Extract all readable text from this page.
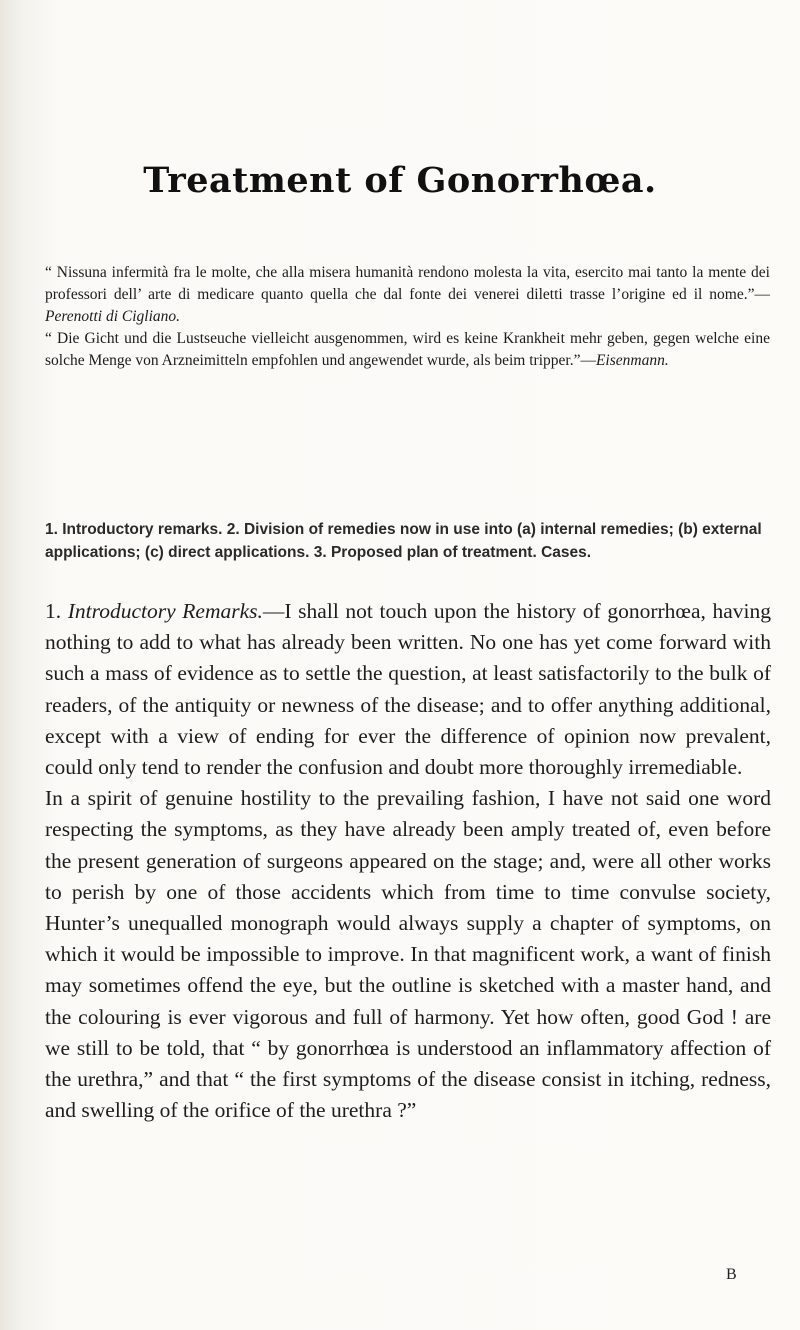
Treatment of Gonorrhœa.

“ Nissuna infermità fra le molte, che alla misera humanità rendono molesta la vita, esercito mai tanto la mente dei professori dell’ arte di medicare quanto quella che dal fonte dei venerei diletti trasse l’origine ed il nome.”—Perenotti di Cigliano.

“ Die Gicht und die Lustseuche vielleicht ausgenommen, wird es keine Krankheit mehr geben, gegen welche eine solche Menge von Arzneimitteln empfohlen und angewendet wurde, als beim tripper.”—Eisenmann.

1. Introductory remarks. 2. Division of remedies now in use into (a) internal remedies; (b) external applications; (c) direct applications. 3. Proposed plan of treatment. Cases.

1. Introductory Remarks.—I shall not touch upon the history of gonorrhœa, having nothing to add to what has already been written. No one has yet come forward with such a mass of evidence as to settle the question, at least satisfactorily to the bulk of readers, of the antiquity or newness of the disease; and to offer anything additional, except with a view of ending for ever the difference of opinion now prevalent, could only tend to render the confusion and doubt more thoroughly irremediable.

In a spirit of genuine hostility to the prevailing fashion, I have not said one word respecting the symptoms, as they have already been amply treated of, even before the present generation of surgeons appeared on the stage; and, were all other works to perish by one of those accidents which from time to time convulse society, Hunter’s unequalled monograph would always supply a chapter of symptoms, on which it would be impossible to improve. In that magnificent work, a want of finish may sometimes offend the eye, but the outline is sketched with a master hand, and the colouring is ever vigorous and full of harmony. Yet how often, good God ! are we still to be told, that “ by gonorrhœa is understood an inflammatory affection of the urethra,” and that “ the first symptoms of the disease consist in itching, redness, and swelling of the orifice of the urethra ?”

B
